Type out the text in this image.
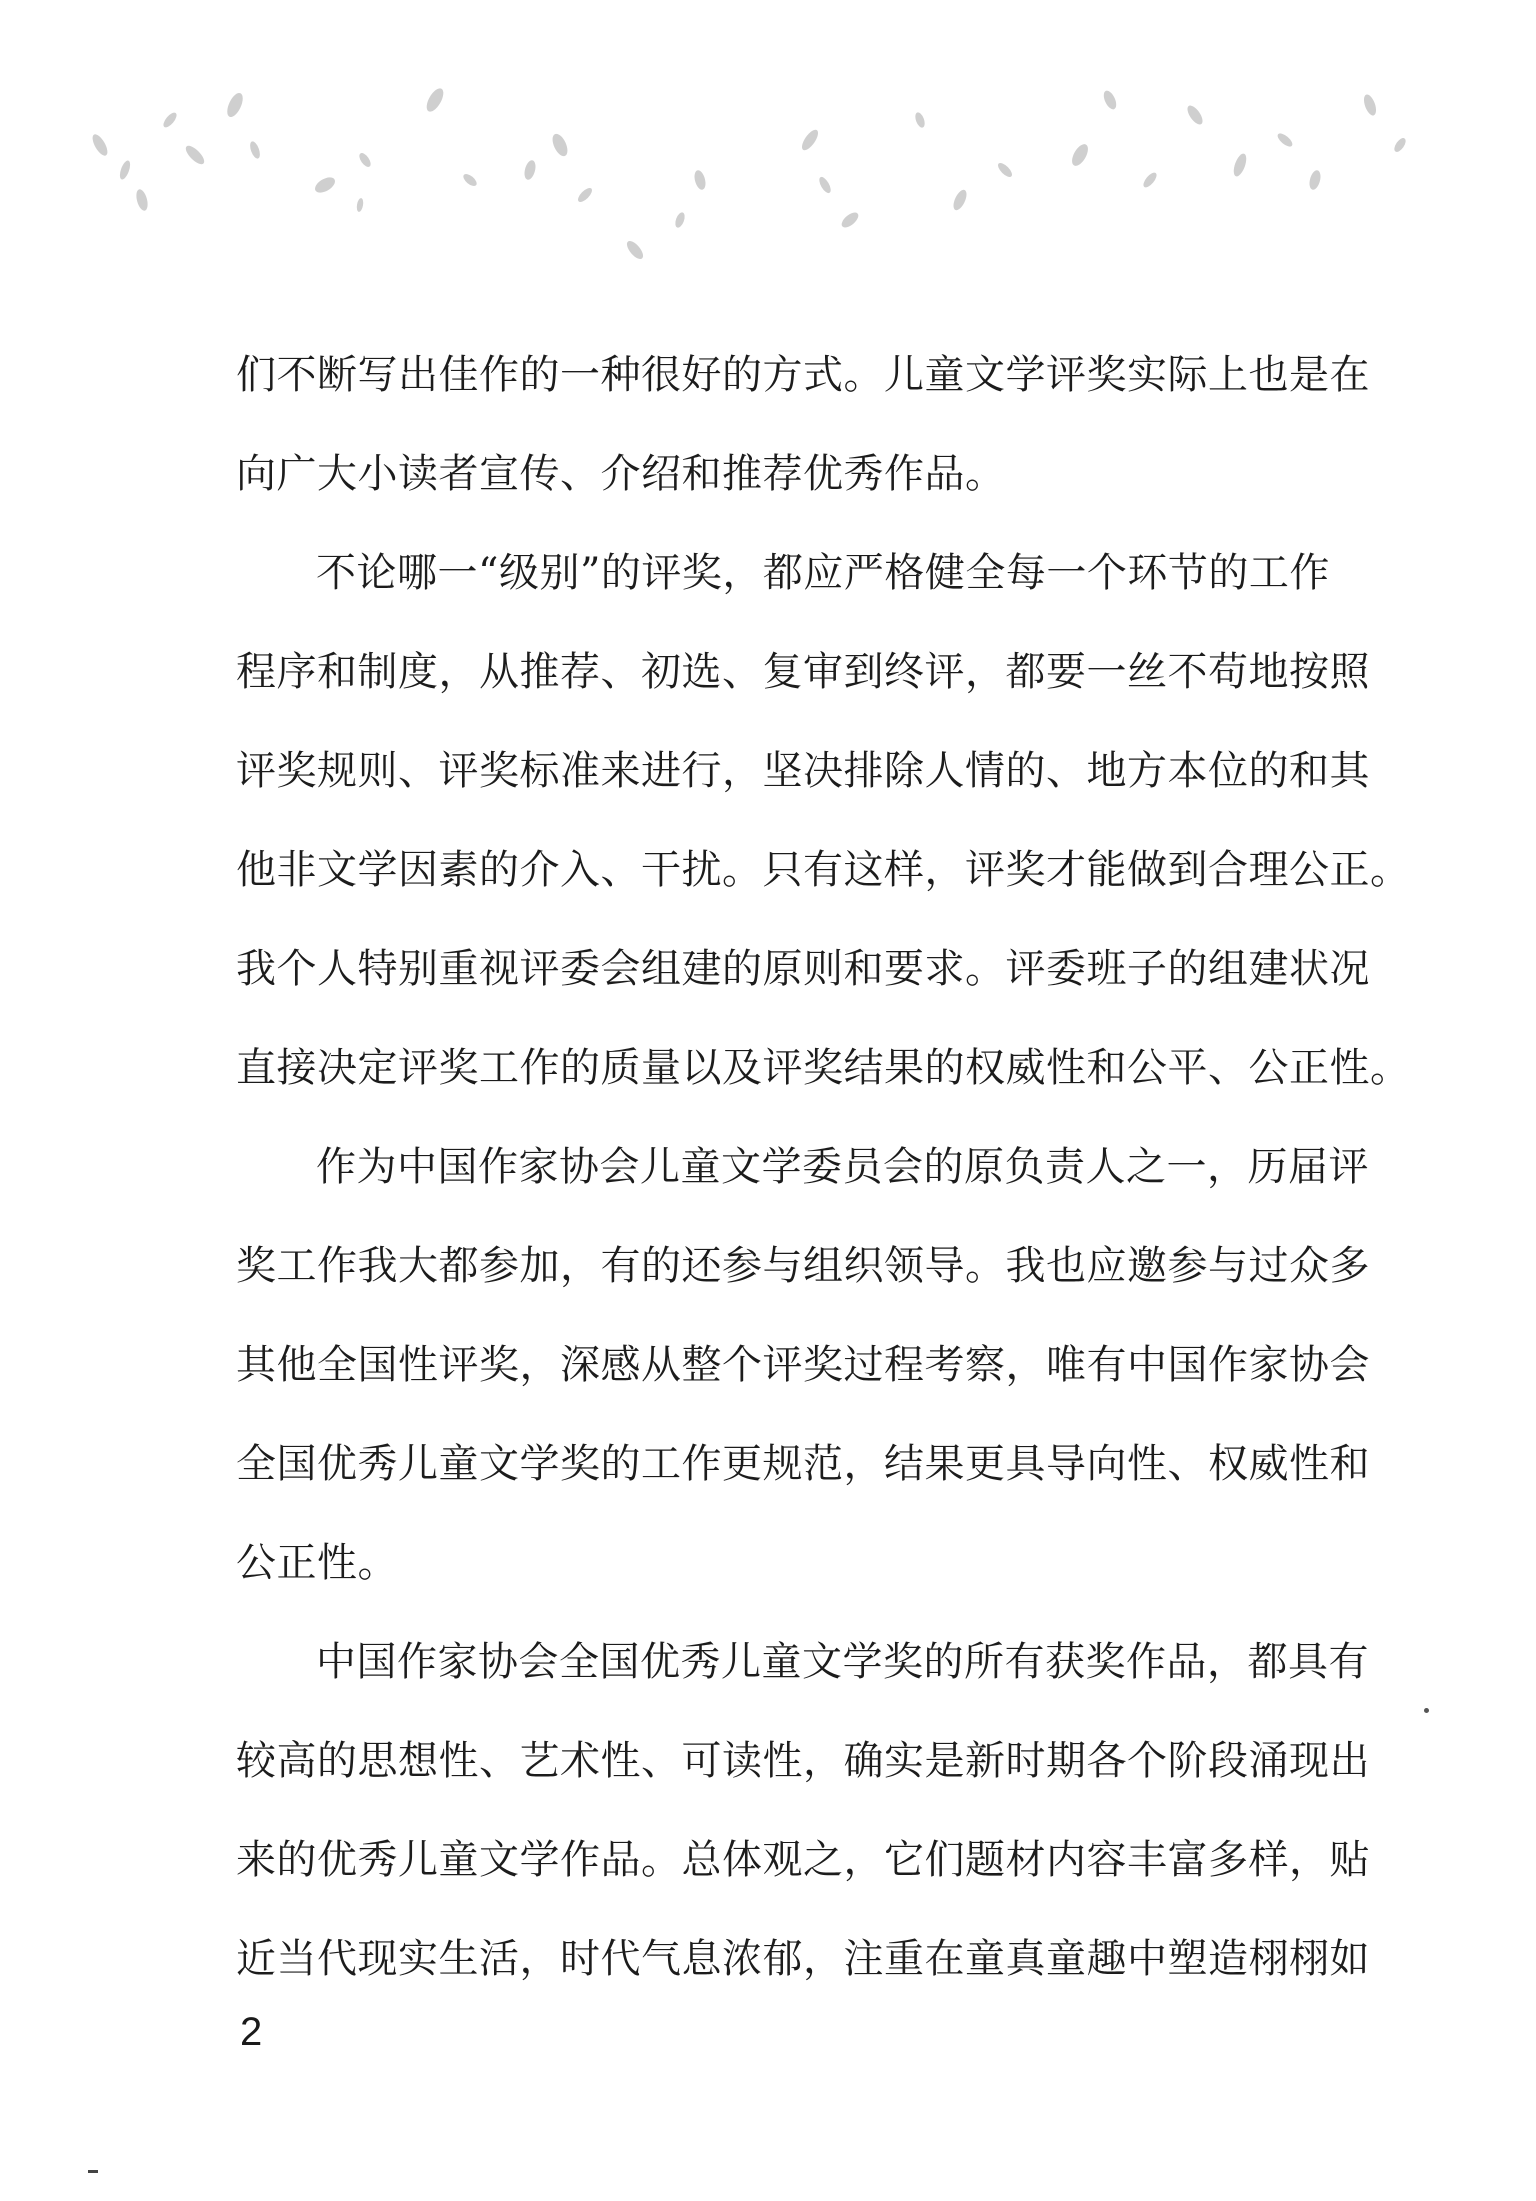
们不断写出佳作的一种很好的方式。儿童文学评奖实际上也是在
向广大小读者宣传、介绍和推荐优秀作品。
不论哪一“级别”的评奖，都应严格健全每一个环节的工作
程序和制度，从推荐、初选、复审到终评，都要一丝不苟地按照
评奖规则、评奖标准来进行，坚决排除人情的、地方本位的和其
他非文学因素的介入、干扰。只有这样，评奖才能做到合理公正。
我个人特别重视评委会组建的原则和要求。评委班子的组建状况
直接决定评奖工作的质量以及评奖结果的权威性和公平、公正性。
作为中国作家协会儿童文学委员会的原负责人之一，历届评
奖工作我大都参加，有的还参与组织领导。我也应邀参与过众多
其他全国性评奖，深感从整个评奖过程考察，唯有中国作家协会
全国优秀儿童文学奖的工作更规范，结果更具导向性、权威性和
公正性。
中国作家协会全国优秀儿童文学奖的所有获奖作品，都具有
较高的思想性、艺术性、可读性，确实是新时期各个阶段涌现出
来的优秀儿童文学作品。总体观之，它们题材内容丰富多样，贴
近当代现实生活，时代气息浓郁，注重在童真童趣中塑造栩栩如
2
